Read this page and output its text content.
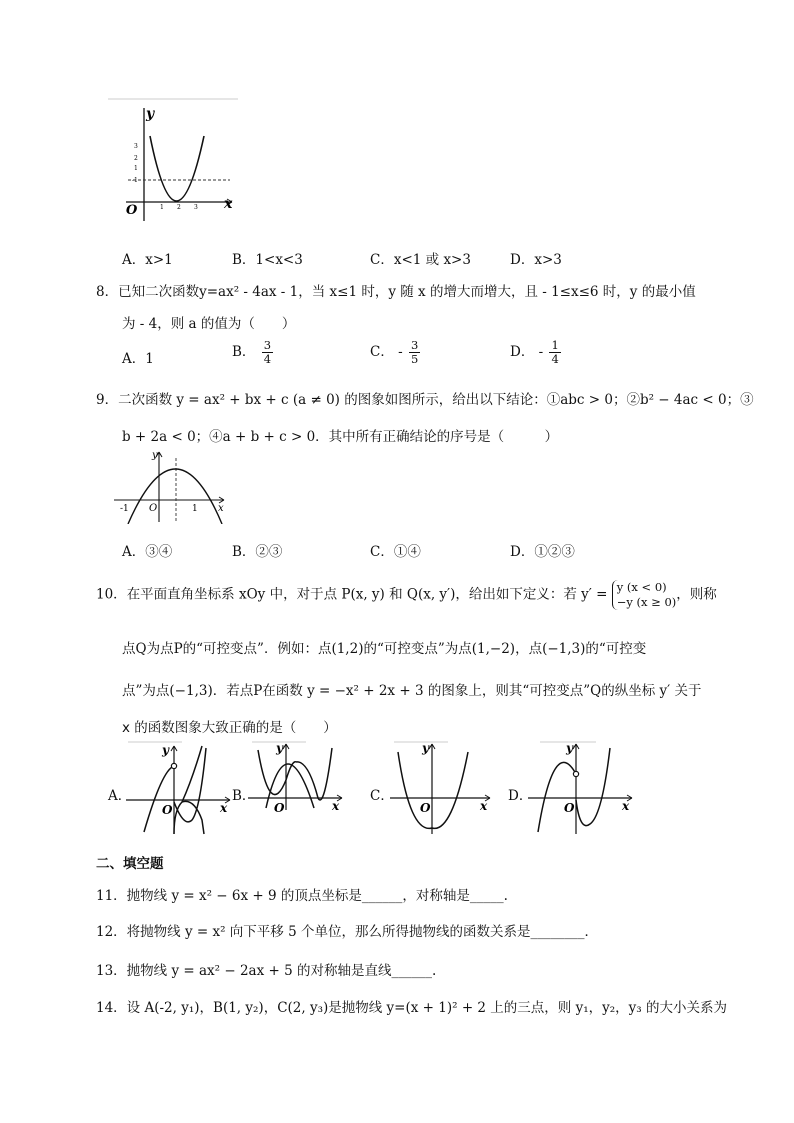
y
x
O
3
2
1
-1
1 2 3
A．x>1	B．1<x<3	C．x<1 或 x>3	D．x>3
8．已知二次函数y=ax² - 4ax - 1，当 x≤1 时，y 随 x 的增大而增大，且 - 1≤x≤6 时，y 的最小值
为 - 4，则 a 的值为（　　）
A．1	B． $\frac{3}{4}$	C． - $\frac{3}{5}$	D． - $\frac{1}{4}$
9．二次函数 y = ax² + bx + c (a ≠ 0) 的图象如图所示，给出以下结论：①abc > 0；②b² − 4ac < 0；③
b + 2a < 0；④a + b + c > 0．其中所有正确结论的序号是（　　　）
y
x
O
-1	1
A．③④	B．②③	C．①④	D．①②③
10．在平面直角坐标系 xOy 中，对于点 P(x, y) 和 Q(x, y′)，给出如下定义：若 y′ = y (x < 0)
−y (x ≥ 0) ，则称
点Q为点P的“可控变点”．例如：点(1,2)的“可控变点”为点(1,−2)，点(−1,3)的“可控变
点”为点(−1,3)．若点P在函数 y = −x² + 2x + 3 的图象上，则其“可控变点”Q的纵坐标 y′ 关于
x 的函数图象大致正确的是（　　）
A．
y
x
O
B．
y
x
O
C．
y
x
O
D．
y
x
O
二、填空题
11．抛物线 y = x² − 6x + 9 的顶点坐标是______，对称轴是_____.
12．将抛物线 y = x² 向下平移 5 个单位，那么所得抛物线的函数关系是________．
13．抛物线 y = ax² − 2ax + 5 的对称轴是直线______.
14．设 A(-2, y₁)，B(1, y₂)，C(2, y₃)是抛物线 y=(x + 1)² + 2 上的三点，则 y₁，y₂，y₃ 的大小关系为
